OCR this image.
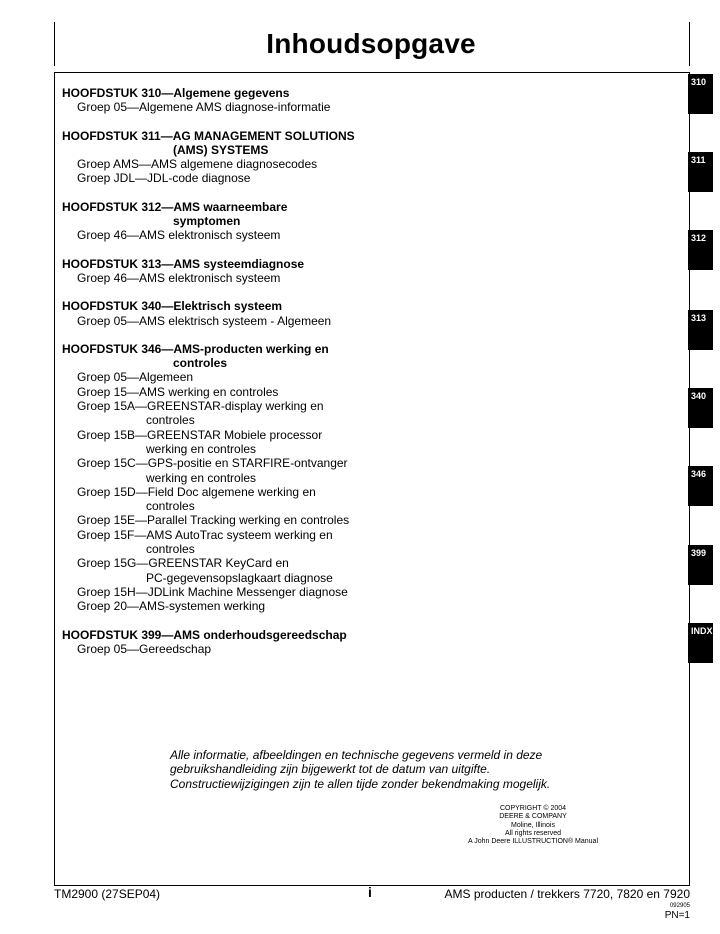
Inhoudsopgave
HOOFDSTUK 310—Algemene gegevens
Groep 05—Algemene AMS diagnose-informatie
HOOFDSTUK 311—AG MANAGEMENT SOLUTIONS
(AMS) SYSTEMS
Groep AMS—AMS algemene diagnosecodes
Groep JDL—JDL-code diagnose
HOOFDSTUK 312—AMS waarneembare
symptomen
Groep 46—AMS elektronisch systeem
HOOFDSTUK 313—AMS systeemdiagnose
Groep 46—AMS elektronisch systeem
HOOFDSTUK 340—Elektrisch systeem
Groep 05—AMS elektrisch systeem - Algemeen
HOOFDSTUK 346—AMS-producten werking en
controles
Groep 05—Algemeen
Groep 15—AMS werking en controles
Groep 15A—GREENSTAR-display werking en
controles
Groep 15B—GREENSTAR Mobiele processor
werking en controles
Groep 15C—GPS-positie en STARFIRE-ontvanger
werking en controles
Groep 15D—Field Doc algemene werking en
controles
Groep 15E—Parallel Tracking werking en controles
Groep 15F—AMS AutoTrac systeem werking en
controles
Groep 15G—GREENSTAR KeyCard en
PC-gegevensopslagkaart diagnose
Groep 15H—JDLink Machine Messenger diagnose
Groep 20—AMS-systemen werking
HOOFDSTUK 399—AMS onderhoudsgereedschap
Groep 05—Gereedschap
310
311
312
313
340
346
399
INDX
Alle informatie, afbeeldingen en technische gegevens vermeld in deze
gebruikshandleiding zijn bijgewerkt tot de datum van uitgifte.
Constructiewijzigingen zijn te allen tijde zonder bekendmaking mogelijk.
COPYRIGHT © 2004
DEERE & COMPANY
Moline, Illinois
All rights reserved
A John Deere ILLUSTRUCTION® Manual
TM2900 (27SEP04)	i	AMS producten / trekkers 7720, 7820 en 7920
092905
PN=1
